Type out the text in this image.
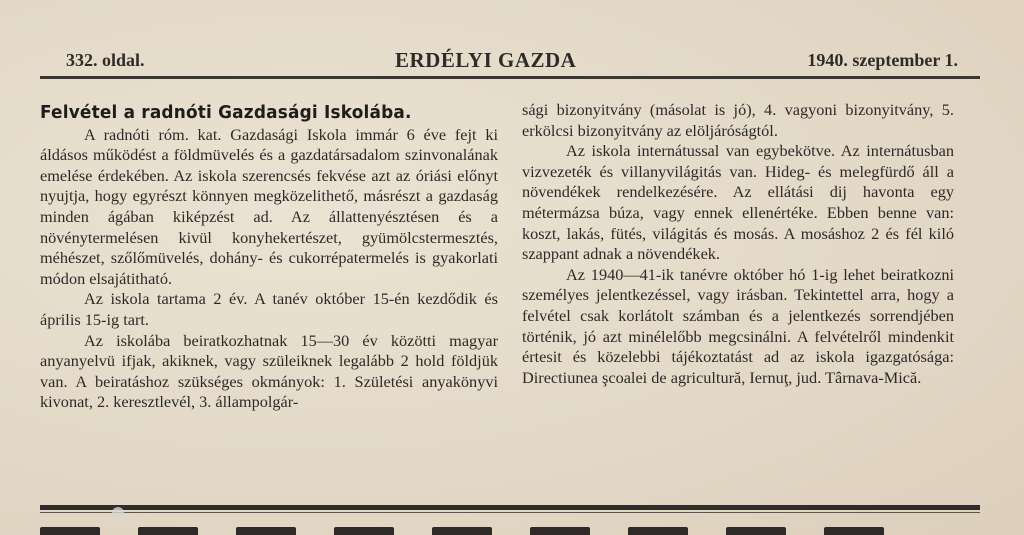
332. oldal.	ERDÉLYI GAZDA	1940. szeptember 1.
Felvétel a radnóti Gazdasági Iskolába.

A radnóti róm. kat. Gazdasági Iskola immár 6 éve fejt ki áldásos működést a földmüvelés és a gazdatársadalom szinvonalának emelése érdekében. Az iskola szerencsés fekvése azt az óriási előnyt nyujtja, hogy egyrészt könnyen megközelithető, másrészt a gazdaság minden ágában kiképzést ad. Az állattenyésztésen és a növénytermelésen kivül konyhekertészet, gyümölcstermesztés, méhészet, szőlőmüvelés, dohány- és cukorrépatermelés is gyakorlati módon elsajátitható.

Az iskola tartama 2 év. A tanév október 15-én kezdődik és április 15-ig tart.

Az iskolába beiratkozhatnak 15—30 év közötti magyar anyanyelvü ifjak, akiknek, vagy szüleiknek legalább 2 hold földjük van. A beiratáshoz szükséges okmányok: 1. Születési anyakönyvi kivonat, 2. keresztlevél, 3. állampolgár-

sági bizonyitvány (másolat is jó), 4. vagyoni bizonyitvány, 5. erkölcsi bizonyitvány az elöljáróságtól.

Az iskola internátussal van egybekötve. Az internátusban vizvezeték és villanyvilágitás van. Hideg- és melegfürdő áll a növendékek rendelkezésére. Az ellátási dij havonta egy métermázsa búza, vagy ennek ellenértéke. Ebben benne van: koszt, lakás, fütés, világitás és mosás. A mosáshoz 2 és fél kiló szappant adnak a növendékek.

Az 1940—41-ik tanévre október hó 1-ig lehet beiratkozni személyes jelentkezéssel, vagy irásban. Tekintettel arra, hogy a felvétel csak korlátolt számban és a jelentkezés sorrendjében történik, jó azt minélelőbb megcsinálni. A felvételről mindenkit értesit és közelebbi tájékoztatást ad az iskola igazgatósága: Directiunea şcoalei de agricultură, Iernuţ, jud. Târnava-Mică.
